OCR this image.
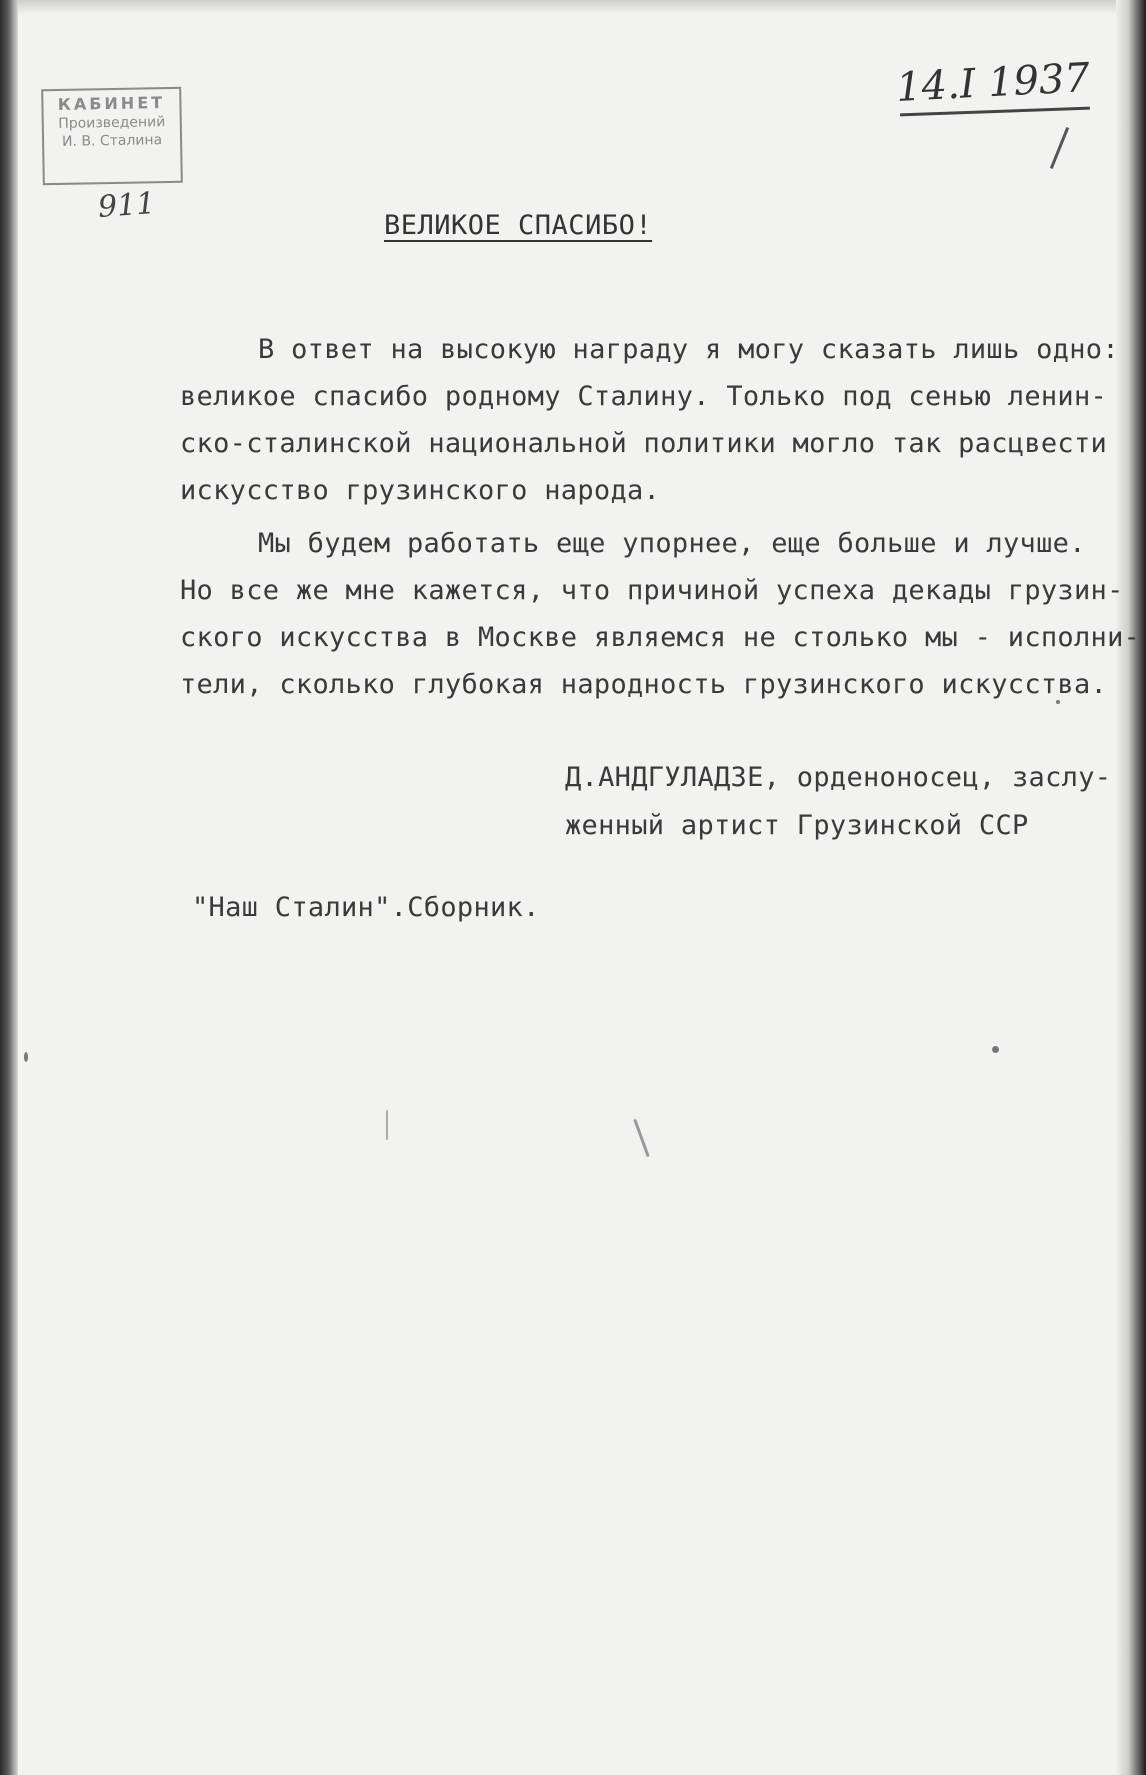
КАБИНЕТ
Произведений
И. В. Сталина
911
14.I 1937
ВЕЛИКОЕ СПАСИБО!
В ответ на высокую награду я могу сказать лишь одно:
великое спасибо родному Сталину. Только под сенью ленин-
ско-сталинской национальной политики могло так расцвести
искусство грузинского народа.
Мы будем работать еще упорнее, еще больше и лучше.
Но все же мне кажется, что причиной успеха декады грузин-
ского искусства в Москве являемся не столько мы - исполни-
тели, сколько глубокая народность грузинского искусства.
Д.АНДГУЛАДЗЕ, орденоносец, заслу-
женный артист Грузинской ССР
"Наш Сталин".Сборник.
